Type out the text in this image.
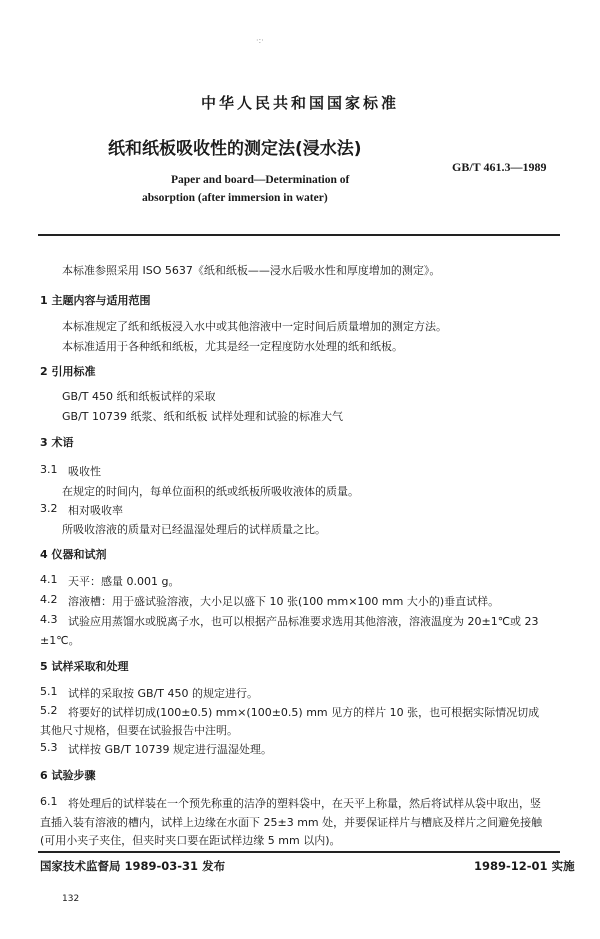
·:·
中华人民共和国国家标准
纸和纸板吸收性的测定法(浸水法)
GB/T 461.3—1989
Paper and board—Determination of
absorption (after immersion in water)
本标准参照采用 ISO 5637《纸和纸板——浸水后吸水性和厚度增加的测定》。
1 主题内容与适用范围
本标准规定了纸和纸板浸入水中或其他溶液中一定时间后质量增加的测定方法。
本标准适用于各种纸和纸板，尤其是经一定程度防水处理的纸和纸板。
2 引用标准
GB/T 450 纸和纸板试样的采取
GB/T 10739 纸浆、纸和纸板 试样处理和试验的标准大气
3 术语
3.1 吸收性
在规定的时间内，每单位面积的纸或纸板所吸收液体的质量。
3.2 相对吸收率
所吸收溶液的质量对已经温湿处理后的试样质量之比。
4 仪器和试剂
4.1 天平：感量 0.001 g。
4.2 溶液槽：用于盛试验溶液，大小足以盛下 10 张(100 mm×100 mm 大小的)垂直试样。
4.3 试验应用蒸馏水或脱离子水，也可以根据产品标准要求选用其他溶液，溶液温度为 20±1℃或 23
±1℃。
5 试样采取和处理
5.1 试样的采取按 GB/T 450 的规定进行。
5.2 将要好的试样切成(100±0.5) mm×(100±0.5) mm 见方的样片 10 张，也可根据实际情况切成
其他尺寸规格，但要在试验报告中注明。
5.3 试样按 GB/T 10739 规定进行温湿处理。
6 试验步骤
6.1 将处理后的试样装在一个预先称重的洁净的塑料袋中，在天平上称量，然后将试样从袋中取出，竖
直插入装有溶液的槽内，试样上边缘在水面下 25±3 mm 处，并要保证样片与槽底及样片之间避免接触
(可用小夹子夹住，但夹时夹口要在距试样边缘 5 mm 以内)。
国家技术监督局 1989-03-31 发布	1989-12-01 实施
132
